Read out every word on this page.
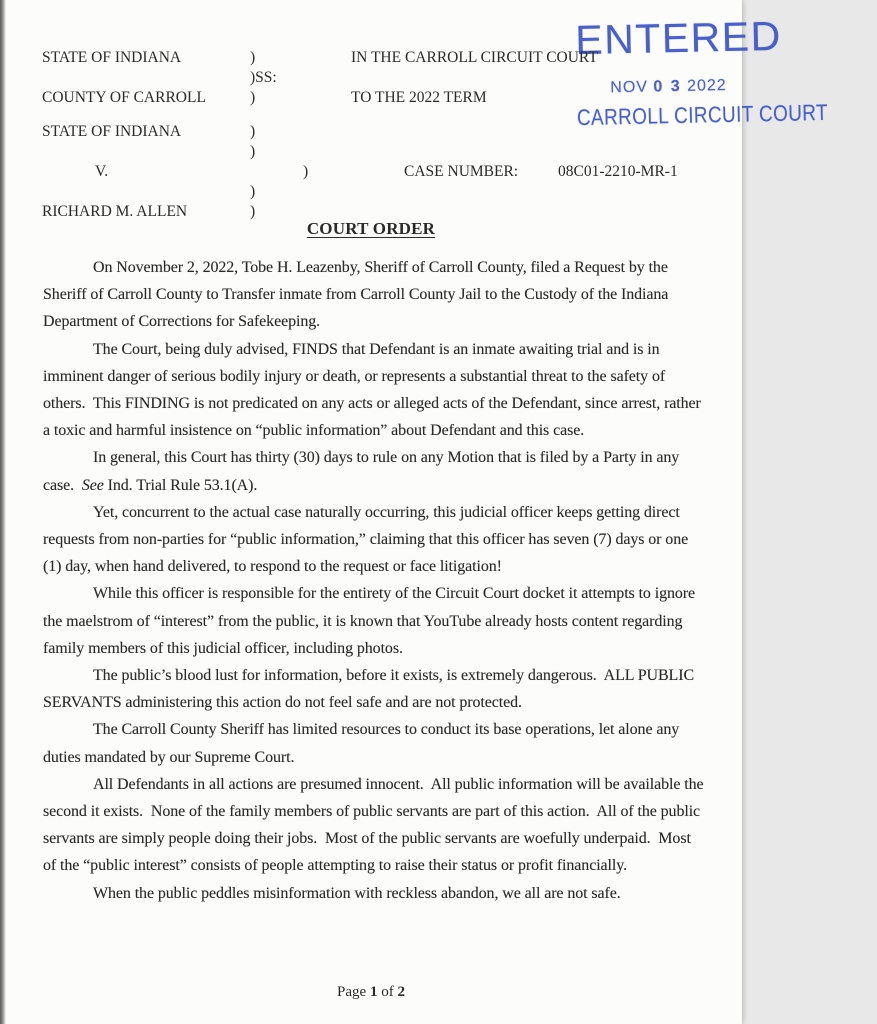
ENTERED
NOV 0 3 2022
CARROLL CIRCUIT COURT
STATE OF INDIANA	)	IN THE CARROLL CIRCUIT COURT
)SS:
COUNTY OF CARROLL	)	TO THE 2022 TERM
STATE OF INDIANA	)
)
V.	)	CASE NUMBER:	08C01-2210-MR-1
)
RICHARD M. ALLEN	)
COURT ORDER

On November 2, 2022, Tobe H. Leazenby, Sheriff of Carroll County, filed a Request by the Sheriff of Carroll County to Transfer inmate from Carroll County Jail to the Custody of the Indiana Department of Corrections for Safekeeping.

The Court, being duly advised, FINDS that Defendant is an inmate awaiting trial and is in imminent danger of serious bodily injury or death, or represents a substantial threat to the safety of others.  This FINDING is not predicated on any acts or alleged acts of the Defendant, since arrest, rather a toxic and harmful insistence on “public information” about Defendant and this case.

In general, this Court has thirty (30) days to rule on any Motion that is filed by a Party in any case.  See Ind. Trial Rule 53.1(A).

Yet, concurrent to the actual case naturally occurring, this judicial officer keeps getting direct requests from non-parties for “public information,” claiming that this officer has seven (7) days or one (1) day, when hand delivered, to respond to the request or face litigation!

While this officer is responsible for the entirety of the Circuit Court docket it attempts to ignore the maelstrom of “interest” from the public, it is known that YouTube already hosts content regarding family members of this judicial officer, including photos.

The public’s blood lust for information, before it exists, is extremely dangerous.  ALL PUBLIC SERVANTS administering this action do not feel safe and are not protected.

The Carroll County Sheriff has limited resources to conduct its base operations, let alone any duties mandated by our Supreme Court.

All Defendants in all actions are presumed innocent.  All public information will be available the second it exists.  None of the family members of public servants are part of this action.  All of the public servants are simply people doing their jobs.  Most of the public servants are woefully underpaid.  Most of the “public interest” consists of people attempting to raise their status or profit financially.

When the public peddles misinformation with reckless abandon, we all are not safe.

Page 1 of 2
